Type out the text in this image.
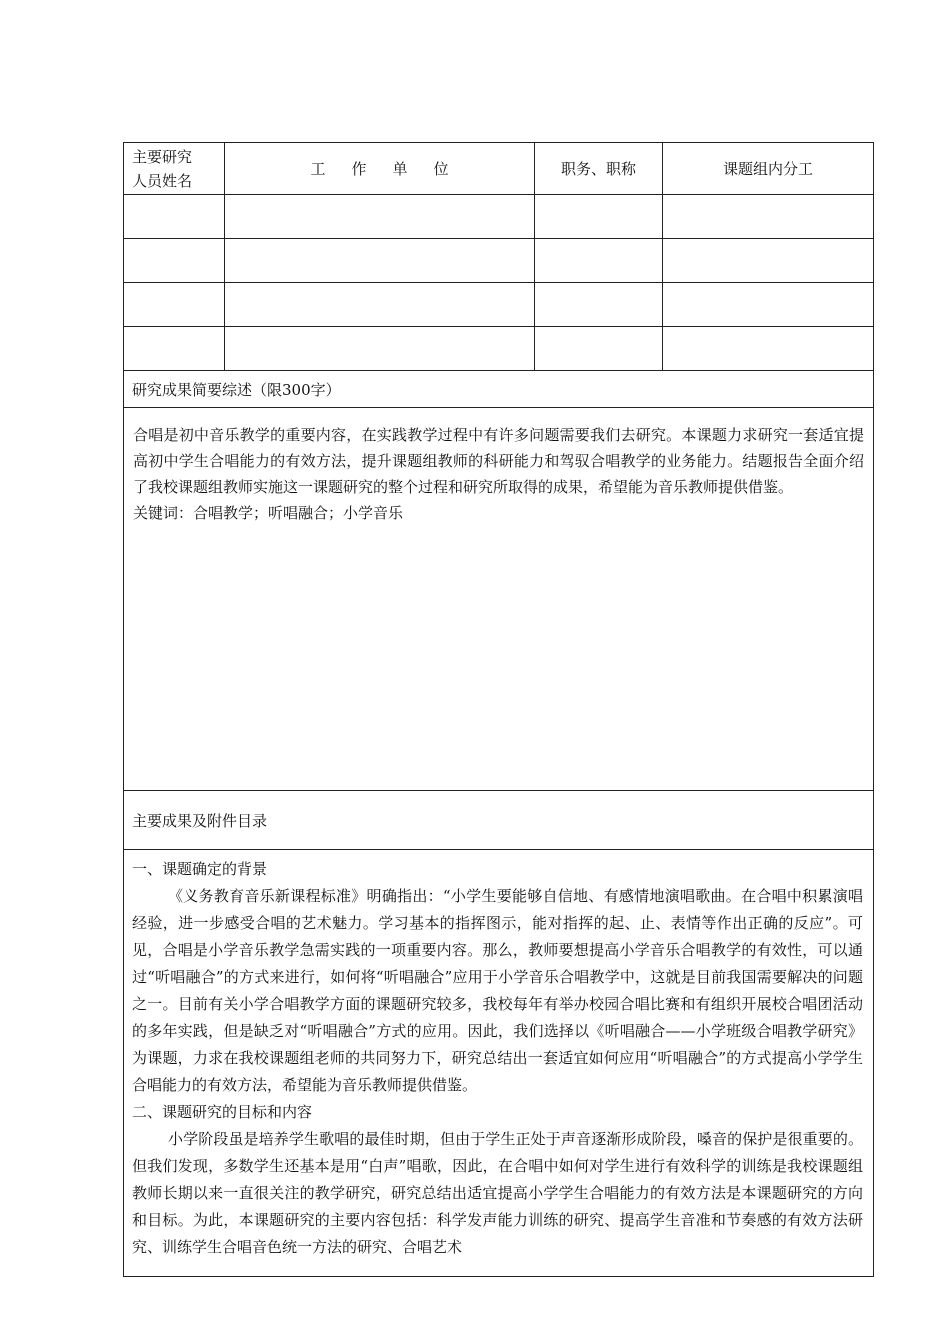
主要研究
人员姓名	工作单位	职务、职称	课题组内分工

研究成果简要综述（限300字）			

合唱是初中音乐教学的重要内容，在实践教学过程中有许多问题需要我们去研究。本课题力求研究一套适宜提高初中学生合唱能力的有效方法，提升课题组教师的科研能力和驾驭合唱教学的业务能力。结题报告全面介绍了我校课题组教师实施这一课题研究的整个过程和研究所取得的成果，希望能为音乐教师提供借鉴。

关键词：合唱教学；听唱融合；小学音乐			

主要成果及附件目录			

一、课题确定的背景

《义务教育音乐新课程标准》明确指出：“小学生要能够自信地、有感情地演唱歌曲。在合唱中积累演唱经验，进一步感受合唱的艺术魅力。学习基本的指挥图示，能对指挥的起、止、表情等作出正确的反应”。可见，合唱是小学音乐教学急需实践的一项重要内容。那么，教师要想提高小学音乐合唱教学的有效性，可以通过“听唱融合”的方式来进行，如何将“听唱融合”应用于小学音乐合唱教学中，这就是目前我国需要解决的问题之一。目前有关小学合唱教学方面的课题研究较多，我校每年有举办校园合唱比赛和有组织开展校合唱团活动的多年实践，但是缺乏对“听唱融合”方式的应用。因此，我们选择以《听唱融合——小学班级合唱教学研究》为课题，力求在我校课题组老师的共同努力下，研究总结出一套适宜如何应用“听唱融合”的方式提高小学学生合唱能力的有效方法，希望能为音乐教师提供借鉴。

二、课题研究的目标和内容

小学阶段虽是培养学生歌唱的最佳时期，但由于学生正处于声音逐渐形成阶段，嗓音的保护是很重要的。但我们发现，多数学生还基本是用“白声”唱歌，因此，在合唱中如何对学生进行有效科学的训练是我校课题组教师长期以来一直很关注的教学研究，研究总结出适宜提高小学学生合唱能力的有效方法是本课题研究的方向和目标。为此，本课题研究的主要内容包括：科学发声能力训练的研究、提高学生音准和节奏感的有效方法研究、训练学生合唱音色统一方法的研究、合唱艺术			
